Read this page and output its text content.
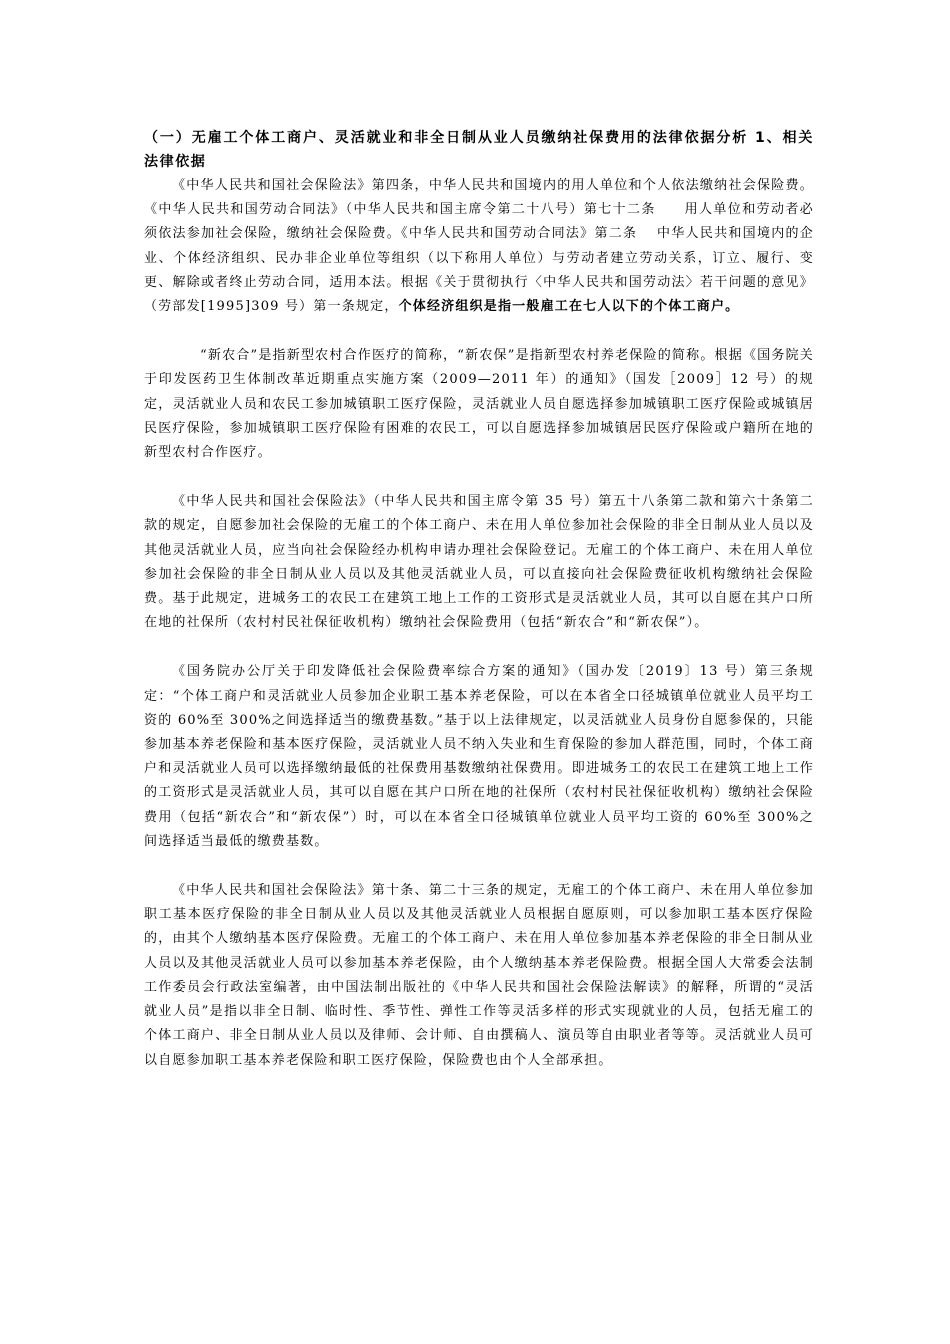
（一）无雇工个体工商户、灵活就业和非全日制从业人员缴纳社保费用的法律依据分析 1、相关法律依据

《中华人民共和国社会保险法》第四条，中华人民共和国境内的用人单位和个人依法缴纳社会保险费。《中华人民共和国劳动合同法》（中华人民共和国主席令第二十八号）第七十二条　　用人单位和劳动者必须依法参加社会保险，缴纳社会保险费。《中华人民共和国劳动合同法》第二条　 中华人民共和国境内的企业、个体经济组织、民办非企业单位等组织（以下称用人单位）与劳动者建立劳动关系，订立、履行、变更、解除或者终止劳动合同，适用本法。根据《关于贯彻执行〈中华人民共和国劳动法〉若干问题的意见》（劳部发[1995]309 号）第一条规定，个体经济组织是指一般雇工在七人以下的个体工商户。

“新农合”是指新型农村合作医疗的简称，“新农保”是指新型农村养老保险的简称。根据《国务院关于印发医药卫生体制改革近期重点实施方案（2009—2011 年）的通知》（国发［2009］12 号）的规定，灵活就业人员和农民工参加城镇职工医疗保险，灵活就业人员自愿选择参加城镇职工医疗保险或城镇居民医疗保险，参加城镇职工医疗保险有困难的农民工，可以自愿选择参加城镇居民医疗保险或户籍所在地的新型农村合作医疗。

《中华人民共和国社会保险法》（中华人民共和国主席令第 35 号）第五十八条第二款和第六十条第二款的规定，自愿参加社会保险的无雇工的个体工商户、未在用人单位参加社会保险的非全日制从业人员以及其他灵活就业人员，应当向社会保险经办机构申请办理社会保险登记。无雇工的个体工商户、未在用人单位参加社会保险的非全日制从业人员以及其他灵活就业人员，可以直接向社会保险费征收机构缴纳社会保险费。基于此规定，进城务工的农民工在建筑工地上工作的工资形式是灵活就业人员，其可以自愿在其户口所在地的社保所（农村村民社保征收机构）缴纳社会保险费用（包括“新农合”和“新农保”）。

《国务院办公厅关于印发降低社会保险费率综合方案的通知》（国办发〔2019〕13 号）第三条规定：“个体工商户和灵活就业人员参加企业职工基本养老保险，可以在本省全口径城镇单位就业人员平均工资的 60%至 300%之间选择适当的缴费基数。”基于以上法律规定，以灵活就业人员身份自愿参保的，只能参加基本养老保险和基本医疗保险，灵活就业人员不纳入失业和生育保险的参加人群范围，同时，个体工商户和灵活就业人员可以选择缴纳最低的社保费用基数缴纳社保费用。即进城务工的农民工在建筑工地上工作的工资形式是灵活就业人员，其可以自愿在其户口所在地的社保所（农村村民社保征收机构）缴纳社会保险费用（包括“新农合”和“新农保”）时，可以在本省全口径城镇单位就业人员平均工资的 60%至 300%之间选择适当最低的缴费基数。

《中华人民共和国社会保险法》第十条、第二十三条的规定，无雇工的个体工商户、未在用人单位参加职工基本医疗保险的非全日制从业人员以及其他灵活就业人员根据自愿原则，可以参加职工基本医疗保险的，由其个人缴纳基本医疗保险费。无雇工的个体工商户、未在用人单位参加基本养老保险的非全日制从业人员以及其他灵活就业人员可以参加基本养老保险，由个人缴纳基本养老保险费。根据全国人大常委会法制工作委员会行政法室编著，由中国法制出版社的《中华人民共和国社会保险法解读》的解释，所谓的“灵活就业人员”是指以非全日制、临时性、季节性、弹性工作等灵活多样的形式实现就业的人员，包括无雇工的个体工商户、非全日制从业人员以及律师、会计师、自由撰稿人、演员等自由职业者等等。灵活就业人员可以自愿参加职工基本养老保险和职工医疗保险，保险费也由个人全部承担。
